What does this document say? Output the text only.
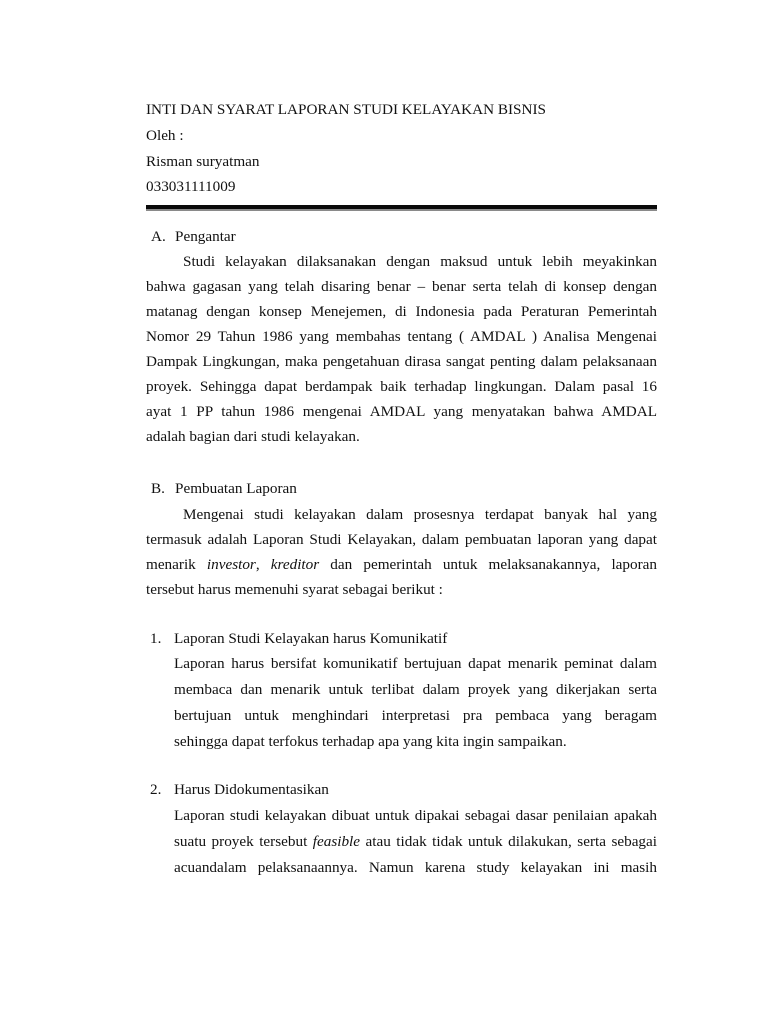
INTI DAN SYARAT LAPORAN STUDI KELAYAKAN BISNIS
Oleh :
Risman suryatman
033031111009
A. Pengantar
Studi kelayakan dilaksanakan dengan maksud untuk lebih meyakinkan
bahwa gagasan yang telah disaring benar – benar serta telah di konsep dengan
matanag dengan konsep Menejemen, di Indonesia pada Peraturan Pemerintah
Nomor 29 Tahun 1986 yang membahas tentang ( AMDAL ) Analisa Mengenai
Dampak Lingkungan, maka pengetahuan dirasa sangat penting dalam pelaksanaan
proyek. Sehingga dapat berdampak baik terhadap lingkungan. Dalam pasal 16
ayat 1 PP tahun 1986 mengenai AMDAL yang menyatakan bahwa AMDAL
adalah bagian dari studi kelayakan.
B. Pembuatan Laporan
Mengenai studi kelayakan dalam prosesnya terdapat banyak hal yang
termasuk adalah Laporan Studi Kelayakan, dalam pembuatan laporan yang dapat
menarik investor, kreditor dan pemerintah untuk melaksanakannya, laporan
tersebut harus memenuhi syarat sebagai berikut :
1. Laporan Studi Kelayakan harus Komunikatif
Laporan harus bersifat komunikatif bertujuan dapat menarik peminat dalam
membaca dan menarik untuk terlibat dalam proyek yang dikerjakan serta
bertujuan untuk menghindari interpretasi pra pembaca yang beragam
sehingga dapat terfokus terhadap apa yang kita ingin sampaikan.
2. Harus Didokumentasikan
Laporan studi kelayakan dibuat untuk dipakai sebagai dasar penilaian apakah
suatu proyek tersebut feasible atau tidak tidak untuk dilakukan, serta sebagai
acuandalam pelaksanaannya. Namun karena study kelayakan ini masih
